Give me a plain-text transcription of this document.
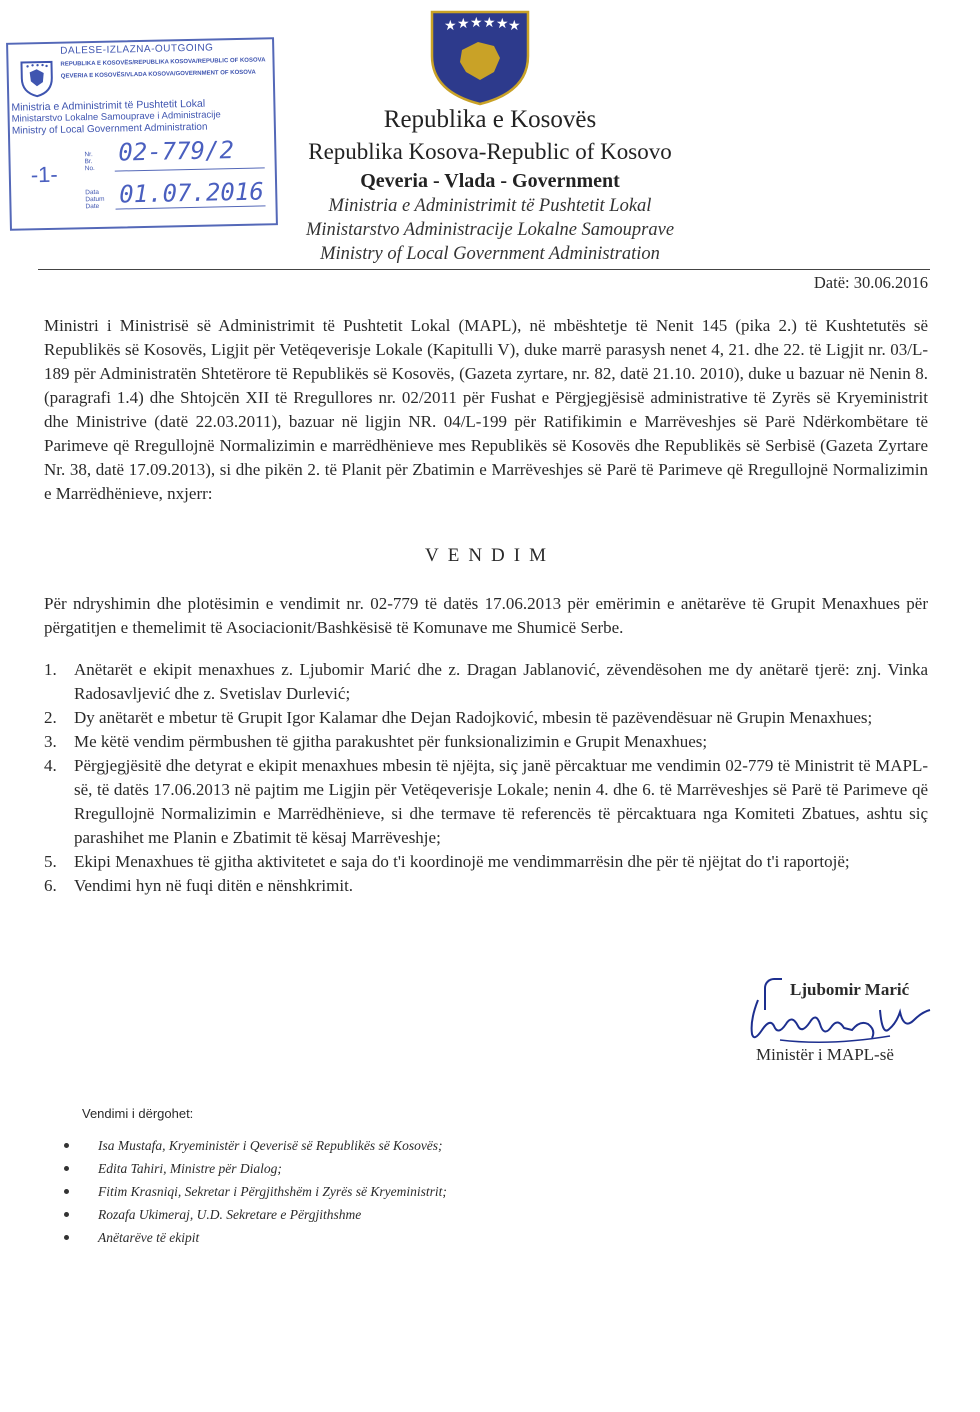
DALESE-IZLAZNA-OUTGOING
REPUBLIKA E KOSOVËS/REPUBLIKA KOSOVA/REPUBLIC OF KOSOVA
QEVERIA E KOSOVËS/VLADA KOSOVA/GOVERNMENT OF KOSOVA
Ministria e Administrimit të Pushtetit Lokal
Ministarstvo Lokalne Samouprave i Administracije
Ministry of Local Government Administration
Nr.
Br.
No.
Data
Datum
Date
02-779/2
01.07.2016
-1-
★ ★ ★ ★ ★ ★
Republika e Kosovës
Republika Kosova-Republic of Kosovo
Qeveria - Vlada - Government
Ministria e Administrimit të Pushtetit Lokal
Ministarstvo Administracije Lokalne Samouprave
Ministry of Local Government Administration
Datë: 30.06.2016

Ministri i Ministrisë së Administrimit të Pushtetit Lokal (MAPL), në mbështetje të Nenit 145 (pika 2.) të Kushtetutës së Republikës së Kosovës, Ligjit për Vetëqeverisje Lokale (Kapitulli V), duke marrë parasysh nenet 4, 21. dhe 22. të Ligjit nr. 03/L-189 për Administratën Shtetërore të Republikës së Kosovës, (Gazeta zyrtare, nr. 82, datë 21.10. 2010), duke u bazuar në Nenin 8. (paragrafi 1.4) dhe Shtojcën XII të Rregullores nr. 02/2011 për Fushat e Përgjegjësisë administrative të Zyrës së Kryeministrit dhe Ministrive (datë 22.03.2011), bazuar në ligjin NR. 04/L-199 për Ratifikimin e Marrëveshjes së Parë Ndërkombëtare të Parimeve që Rregullojnë Normalizimin e marrëdhënieve mes Republikës së Kosovës dhe Republikës së Serbisë (Gazeta Zyrtare Nr. 38, datë 17.09.2013), si dhe pikën 2. të Planit për Zbatimin e Marrëveshjes së Parë të Parimeve që Rregullojnë Normalizimin e Marrëdhënieve, nxjerr:

VENDIM

Për ndryshimin dhe plotësimin e vendimit nr. 02-779 të datës 17.06.2013 për emërimin e anëtarëve të Grupit Menaxhues për përgatitjen e themelimit të Asociacionit/Bashkësisë të Komunave me Shumicë Serbe.

1. Anëtarët e ekipit menaxhues z. Ljubomir Marić dhe z. Dragan Jablanović, zëvendësohen me dy anëtarë tjerë: znj. Vinka Radosavljević dhe z. Svetislav Durlević;
2. Dy anëtarët e mbetur të Grupit Igor Kalamar dhe Dejan Radojković, mbesin të pazëvendësuar në Grupin Menaxhues;
3. Me këtë vendim përmbushen të gjitha parakushtet për funksionalizimin e Grupit Menaxhues;
4. Përgjegjësitë dhe detyrat e ekipit menaxhues mbesin të njëjta, siç janë përcaktuar me vendimin 02-779 të Ministrit të MAPL-së, të datës 17.06.2013 në pajtim me Ligjin për Vetëqeverisje Lokale; nenin 4. dhe 6. të Marrëveshjes së Parë të Parimeve që Rregullojnë Normalizimin e Marrëdhënieve, si dhe termave të referencës të përcaktuara nga Komiteti Zbatues, ashtu siç parashihet me Planin e Zbatimit të kësaj Marrëveshje;
5. Ekipi Menaxhues të gjitha aktivitetet e saja do t'i koordinojë me vendimmarrësin dhe për të njëjtat do t'i raportojë;
6. Vendimi hyn në fuqi ditën e nënshkrimit.
Ljubomir Marić
Ministër i MAPL-së
Vendimi i dërgohet:
Isa Mustafa, Kryeministër i Qeverisë së Republikës së Kosovës;
Edita Tahiri, Ministre për Dialog;
Fitim Krasniqi, Sekretar i Përgjithshëm i Zyrës së Kryeministrit;
Rozafa Ukimeraj, U.D. Sekretare e Përgjithshme
Anëtarëve të ekipit
